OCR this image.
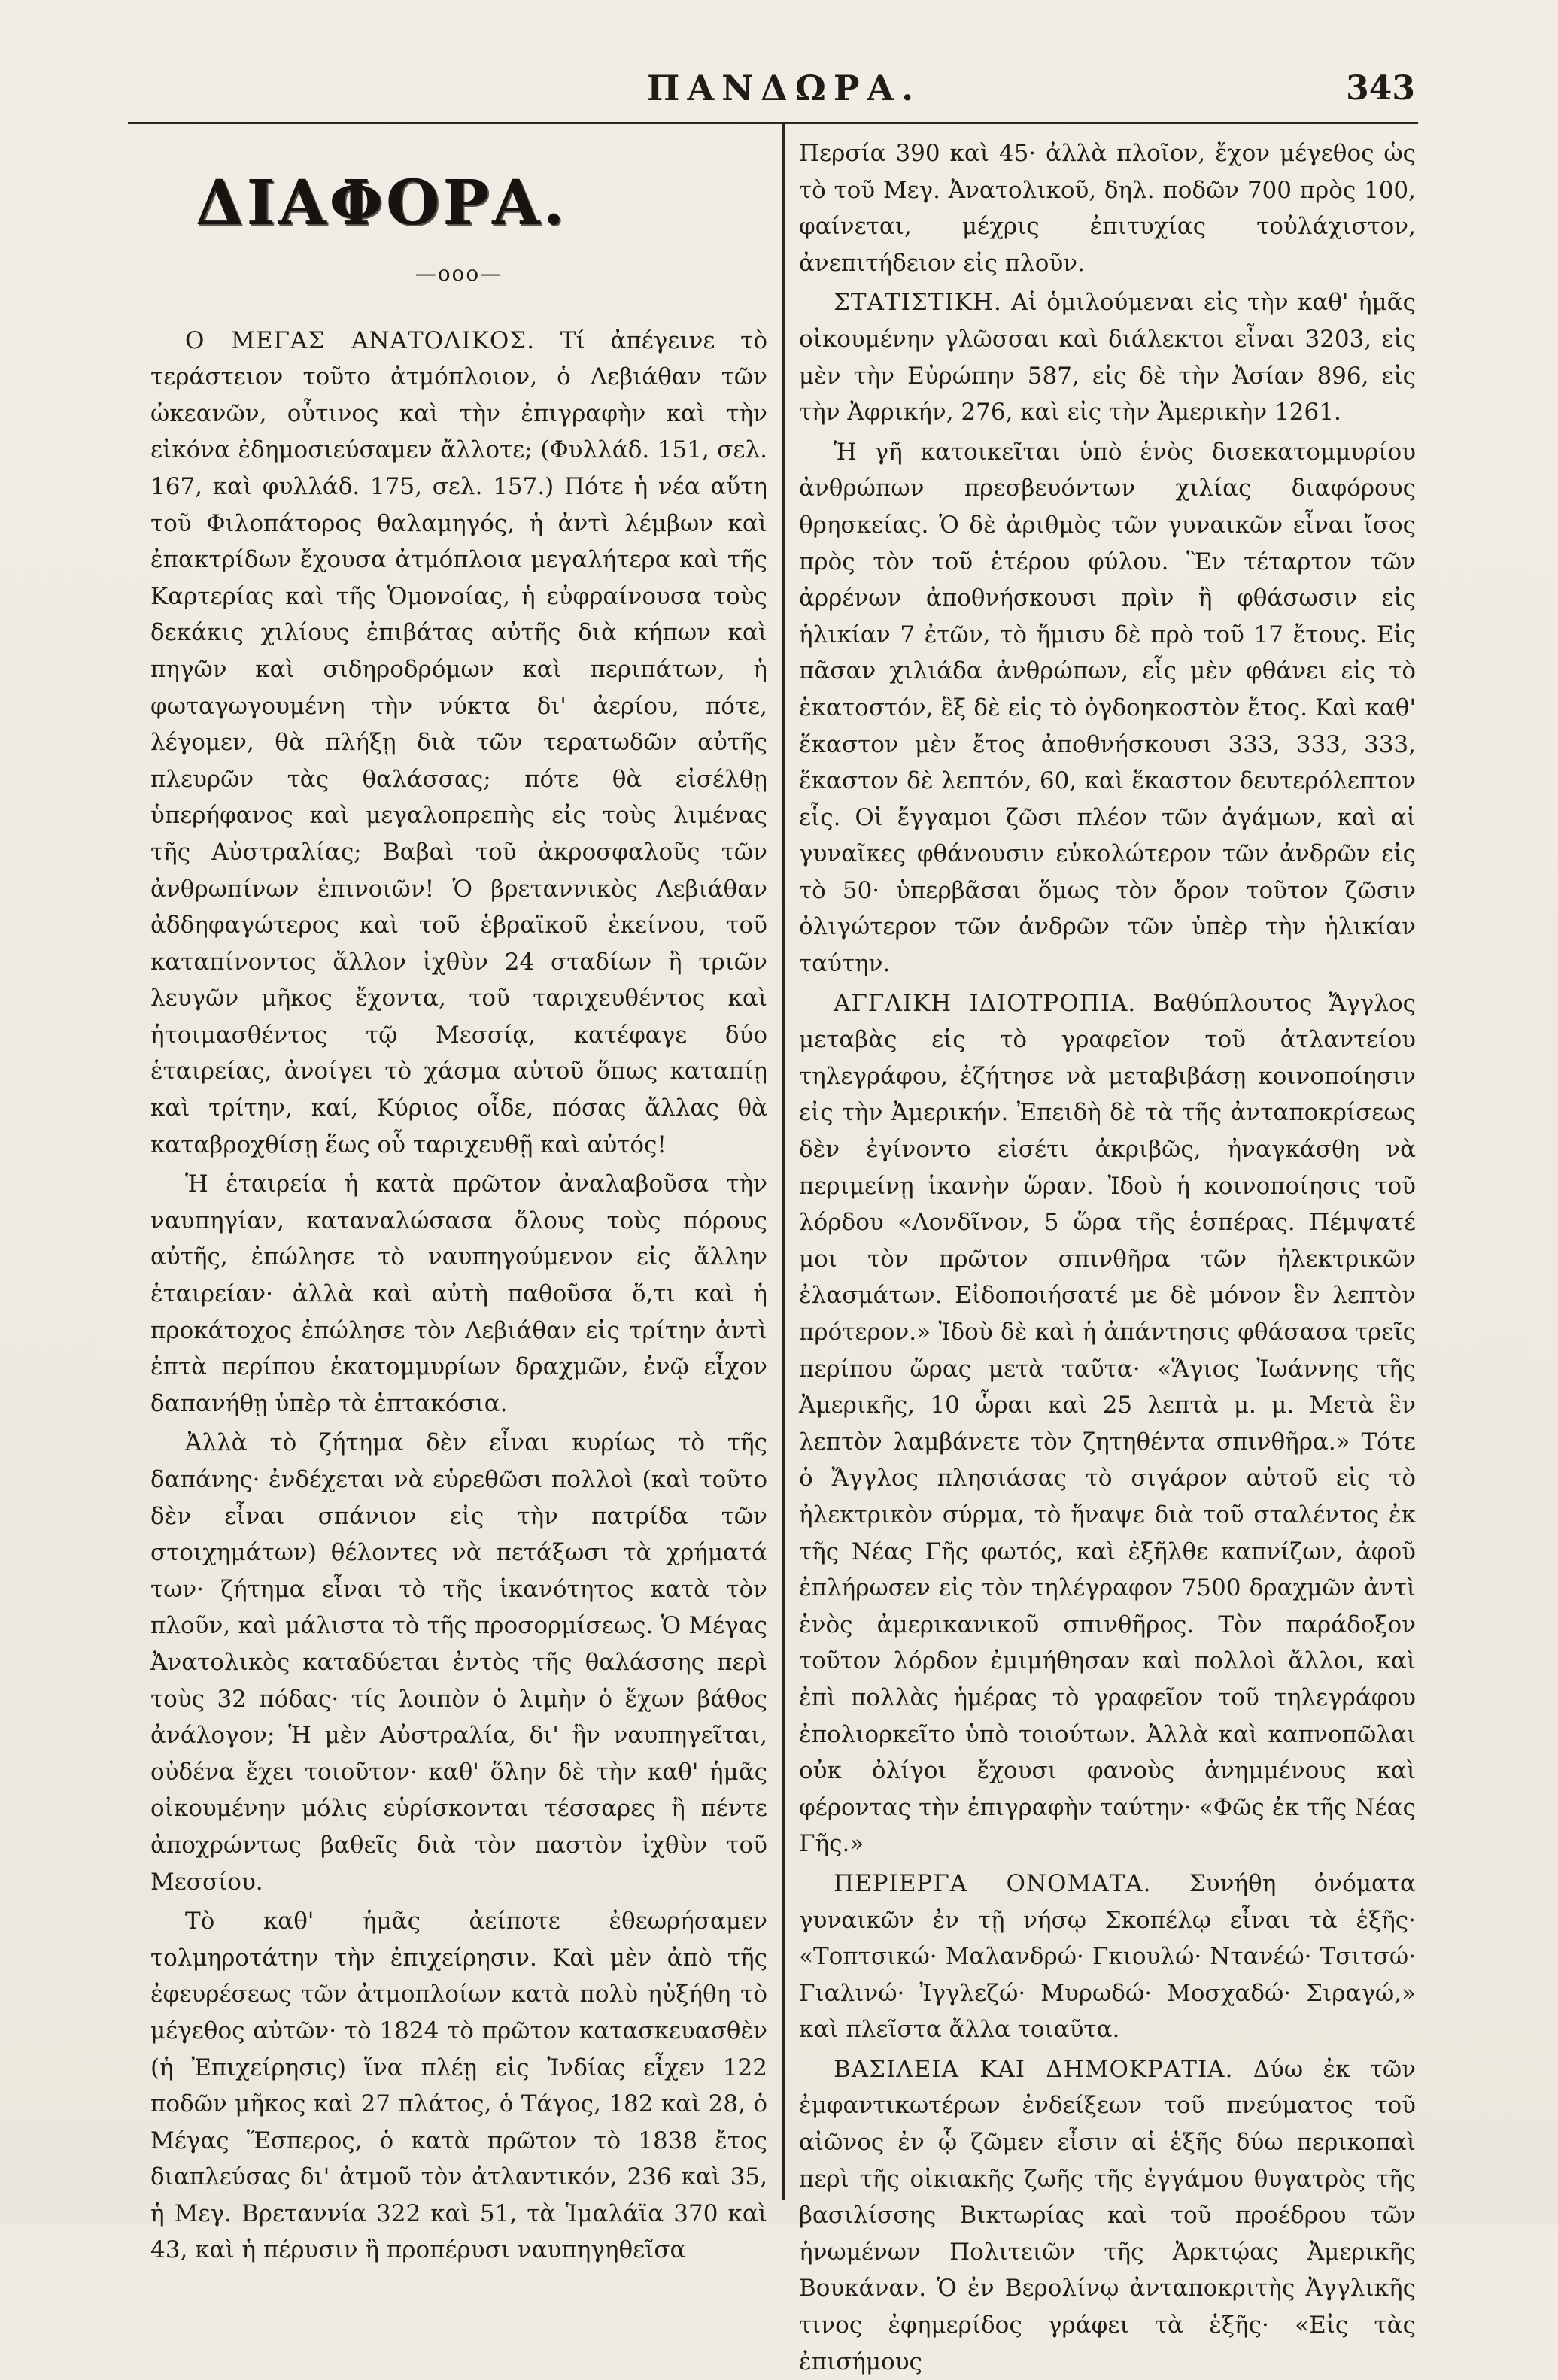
ΠΑΝΔΩΡΑ.	343
ΔΙΑΦΟΡΑ.
—ooo—

Ο ΜΕΓΑΣ ΑΝΑΤΟΛΙΚΟΣ. Τί ἀπέγεινε τὸ τεράστειον τοῦτο ἀτμόπλοιον, ὁ Λεβιάθαν τῶν ὠκεανῶν, οὗτινος καὶ τὴν ἐπιγραφὴν καὶ τὴν εἰκόνα ἐδημοσιεύσαμεν ἄλλοτε; (Φυλλάδ. 151, σελ. 167, καὶ φυλλάδ. 175, σελ. 157.) Πότε ἡ νέα αὕτη τοῦ Φιλοπάτορος θαλαμηγός, ἡ ἀντὶ λέμβων καὶ ἐπακτρίδων ἔχουσα ἀτμόπλοια μεγαλήτερα καὶ τῆς Καρτερίας καὶ τῆς Ὁμονοίας, ἡ εὐφραίνουσα τοὺς δεκάκις χιλίους ἐπιβάτας αὐτῆς διὰ κήπων καὶ πηγῶν καὶ σιδηροδρόμων καὶ περιπάτων, ἡ φωταγωγουμένη τὴν νύκτα δι' ἀερίου, πότε, λέγομεν, θὰ πλήξῃ διὰ τῶν τερατωδῶν αὐτῆς πλευρῶν τὰς θαλάσσας; πότε θὰ εἰσέλθῃ ὑπερήφανος καὶ μεγαλοπρεπὴς εἰς τοὺς λιμένας τῆς Αὐστραλίας; Βαβαὶ τοῦ ἀκροσφαλοῦς τῶν ἀνθρωπίνων ἐπινοιῶν! Ὁ βρεταννικὸς Λεβιάθαν ἀδδηφαγώτερος καὶ τοῦ ἑβραϊκοῦ ἐκείνου, τοῦ καταπίνοντος ἄλλον ἰχθὺν 24 σταδίων ἢ τριῶν λευγῶν μῆκος ἔχοντα, τοῦ ταριχευθέντος καὶ ἡτοιμασθέντος τῷ Μεσσίᾳ, κατέφαγε δύο ἑταιρείας, ἀνοίγει τὸ χάσμα αὑτοῦ ὅπως καταπίῃ καὶ τρίτην, καί, Κύριος οἶδε, πόσας ἄλλας θὰ καταβροχθίσῃ ἕως οὗ ταριχευθῇ καὶ αὐτός!

Ἡ ἑταιρεία ἡ κατὰ πρῶτον ἀναλαβοῦσα τὴν ναυπηγίαν, καταναλώσασα ὅλους τοὺς πόρους αὐτῆς, ἐπώλησε τὸ ναυπηγούμενον εἰς ἄλλην ἑταιρείαν· ἀλλὰ καὶ αὐτὴ παθοῦσα ὅ,τι καὶ ἡ προκάτοχος ἐπώλησε τὸν Λεβιάθαν εἰς τρίτην ἀντὶ ἑπτὰ περίπου ἑκατομμυρίων δραχμῶν, ἐνῷ εἶχον δαπανήθῃ ὑπὲρ τὰ ἑπτακόσια.

Ἀλλὰ τὸ ζήτημα δὲν εἶναι κυρίως τὸ τῆς δαπάνης· ἐνδέχεται νὰ εὑρεθῶσι πολλοὶ (καὶ τοῦτο δὲν εἶναι σπάνιον εἰς τὴν πατρίδα τῶν στοιχημάτων) θέλοντες νὰ πετάξωσι τὰ χρήματά των· ζήτημα εἶναι τὸ τῆς ἱκανότητος κατὰ τὸν πλοῦν, καὶ μάλιστα τὸ τῆς προσορμίσεως. Ὁ Μέγας Ἀνατολικὸς καταδύεται ἐντὸς τῆς θαλάσσης περὶ τοὺς 32 πόδας· τίς λοιπὸν ὁ λιμὴν ὁ ἔχων βάθος ἀνάλογον; Ἡ μὲν Αὐστραλία, δι' ἣν ναυπηγεῖται, οὐδένα ἔχει τοιοῦτον· καθ' ὅλην δὲ τὴν καθ' ἡμᾶς οἰκουμένην μόλις εὑρίσκονται τέσσαρες ἢ πέντε ἀποχρώντως βαθεῖς διὰ τὸν παστὸν ἰχθὺν τοῦ Μεσσίου.

Τὸ καθ' ἡμᾶς ἀείποτε ἐθεωρήσαμεν τολμηροτάτην τὴν ἐπιχείρησιν. Καὶ μὲν ἀπὸ τῆς ἐφευρέσεως τῶν ἀτμοπλοίων κατὰ πολὺ ηὐξήθη τὸ μέγεθος αὐτῶν· τὸ 1824 τὸ πρῶτον κατασκευασθὲν (ἡ Ἐπιχείρησις) ἵνα πλέῃ εἰς Ἰνδίας εἶχεν 122 ποδῶν μῆκος καὶ 27 πλάτος, ὁ Τάγος, 182 καὶ 28, ὁ Μέγας Ἕσπερος, ὁ κατὰ πρῶτον τὸ 1838 ἔτος διαπλεύσας δι' ἀτμοῦ τὸν ἀτλαντικόν, 236 καὶ 35, ἡ Μεγ. Βρεταννία 322 καὶ 51, τὰ Ἱμαλάϊα 370 καὶ 43, καὶ ἡ πέρυσιν ἢ προπέρυσι ναυπηγηθεῖσα

Περσία 390 καὶ 45· ἀλλὰ πλοῖον, ἔχον μέγεθος ὡς τὸ τοῦ Μεγ. Ἀνατολικοῦ, δηλ. ποδῶν 700 πρὸς 100, φαίνεται, μέχρις ἐπιτυχίας τοὐλάχιστον, ἀνεπιτήδειον εἰς πλοῦν.

ΣΤΑΤΙΣΤΙΚΗ. Αἱ ὁμιλούμεναι εἰς τὴν καθ' ἡμᾶς οἰκουμένην γλῶσσαι καὶ διάλεκτοι εἶναι 3203, εἰς μὲν τὴν Εὐρώπην 587, εἰς δὲ τὴν Ἀσίαν 896, εἰς τὴν Ἀφρικήν, 276, καὶ εἰς τὴν Ἀμερικὴν 1261.

Ἡ γῆ κατοικεῖται ὑπὸ ἑνὸς δισεκατομμυρίου ἀνθρώπων πρεσβευόντων χιλίας διαφόρους θρησκείας. Ὁ δὲ ἀριθμὸς τῶν γυναικῶν εἶναι ἴσος πρὸς τὸν τοῦ ἑτέρου φύλου. Ἓν τέταρτον τῶν ἀρρένων ἀποθνήσκουσι πρὶν ἢ φθάσωσιν εἰς ἡλικίαν 7 ἐτῶν, τὸ ἥμισυ δὲ πρὸ τοῦ 17 ἔτους. Εἰς πᾶσαν χιλιάδα ἀνθρώπων, εἷς μὲν φθάνει εἰς τὸ ἑκατοστόν, ἓξ δὲ εἰς τὸ ὀγδοηκοστὸν ἔτος. Καὶ καθ' ἕκαστον μὲν ἔτος ἀποθνήσκουσι 333, 333, 333, ἕκαστον δὲ λεπτόν, 60, καὶ ἕκαστον δευτερόλεπτον εἷς. Οἱ ἔγγαμοι ζῶσι πλέον τῶν ἀγάμων, καὶ αἱ γυναῖκες φθάνουσιν εὐκολώτερον τῶν ἀνδρῶν εἰς τὸ 50· ὑπερβᾶσαι ὅμως τὸν ὅρον τοῦτον ζῶσιν ὀλιγώτερον τῶν ἀνδρῶν τῶν ὑπὲρ τὴν ἡλικίαν ταύτην.

ΑΓΓΛΙΚΗ ΙΔΙΟΤΡΟΠΙΑ. Βαθύπλουτος Ἄγγλος μεταβὰς εἰς τὸ γραφεῖον τοῦ ἀτλαντείου τηλεγράφου, ἐζήτησε νὰ μεταβιβάσῃ κοινοποίησιν εἰς τὴν Ἀμερικήν. Ἐπειδὴ δὲ τὰ τῆς ἀνταποκρίσεως δὲν ἐγίνοντο εἰσέτι ἀκριβῶς, ἠναγκάσθη νὰ περιμείνῃ ἱκανὴν ὥραν. Ἰδοὺ ἡ κοινοποίησις τοῦ λόρδου «Λονδῖνον, 5 ὥρα τῆς ἑσπέρας. Πέμψατέ μοι τὸν πρῶτον σπινθῆρα τῶν ἠλεκτρικῶν ἐλασμάτων. Εἰδοποιήσατέ με δὲ μόνον ἓν λεπτὸν πρότερον.» Ἰδοὺ δὲ καὶ ἡ ἀπάντησις φθάσασα τρεῖς περίπου ὥρας μετὰ ταῦτα· «Ἅγιος Ἰωάννης τῆς Ἀμερικῆς, 10 ὧραι καὶ 25 λεπτὰ μ. μ. Μετὰ ἓν λεπτὸν λαμβάνετε τὸν ζητηθέντα σπινθῆρα.» Τότε ὁ Ἄγγλος πλησιάσας τὸ σιγάρον αὐτοῦ εἰς τὸ ἠλεκτρικὸν σύρμα, τὸ ἥναψε διὰ τοῦ σταλέντος ἐκ τῆς Νέας Γῆς φωτός, καὶ ἐξῆλθε καπνίζων, ἀφοῦ ἐπλήρωσεν εἰς τὸν τηλέγραφον 7500 δραχμῶν ἀντὶ ἑνὸς ἀμερικανικοῦ σπινθῆρος. Τὸν παράδοξον τοῦτον λόρδον ἐμιμήθησαν καὶ πολλοὶ ἄλλοι, καὶ ἐπὶ πολλὰς ἡμέρας τὸ γραφεῖον τοῦ τηλεγράφου ἐπολιορκεῖτο ὑπὸ τοιούτων. Ἀλλὰ καὶ καπνοπῶλαι οὐκ ὀλίγοι ἔχουσι φανοὺς ἀνημμένους καὶ φέροντας τὴν ἐπιγραφὴν ταύτην· «Φῶς ἐκ τῆς Νέας Γῆς.»

ΠΕΡΙΕΡΓΑ ΟΝΟΜΑΤΑ. Συνήθη ὀνόματα γυναικῶν ἐν τῇ νήσῳ Σκοπέλῳ εἶναι τὰ ἑξῆς· «Τοπτσικώ· Μαλανδρώ· Γκιουλώ· Ντανέώ· Τσιτσώ· Γιαλινώ· Ἰγγλεζώ· Μυρωδώ· Μοσχαδώ· Σιραγώ,» καὶ πλεῖστα ἄλλα τοιαῦτα.

ΒΑΣΙΛΕΙΑ ΚΑΙ ΔΗΜΟΚΡΑΤΙΑ. Δύω ἐκ τῶν ἐμφαντικωτέρων ἐνδείξεων τοῦ πνεύματος τοῦ αἰῶνος ἐν ᾧ ζῶμεν εἶσιν αἱ ἑξῆς δύω περικοπαὶ περὶ τῆς οἰκιακῆς ζωῆς τῆς ἐγγάμου θυγατρὸς τῆς βασιλίσσης Βικτωρίας καὶ τοῦ προέδρου τῶν ἡνωμένων Πολιτειῶν τῆς Ἀρκτῴας Ἀμερικῆς Βουκάναν. Ὁ ἐν Βερολίνῳ ἀνταποκριτὴς Ἀγγλικῆς τινος ἐφημερίδος γράφει τὰ ἑξῆς· «Εἰς τὰς ἐπισήμους
